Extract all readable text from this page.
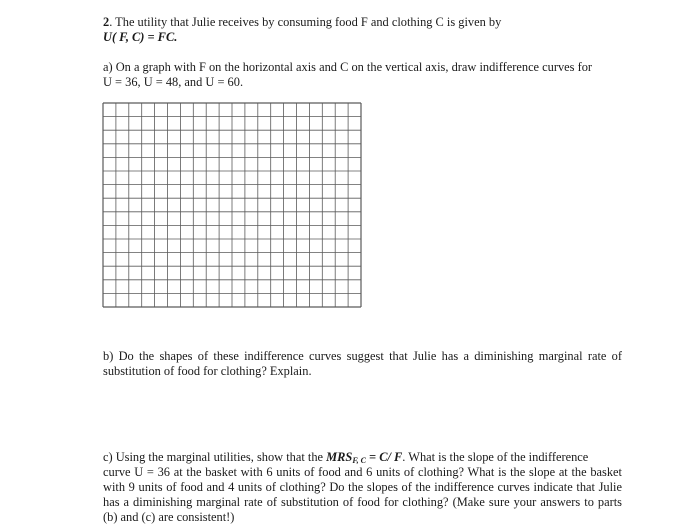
2. The utility that Julie receives by consuming food F and clothing C is given by
U( F, C) = FC.
a) On a graph with F on the horizontal axis and C on the vertical axis, draw indifference curves for
U = 36, U = 48, and U = 60.
b) Do the shapes of these indifference curves suggest that Julie has a diminishing marginal rate of
substitution of food for clothing? Explain.
c) Using the marginal utilities, show that the $MRS_{F, C} = C/$ F. What is the slope of the indifference
curve U = 36 at the basket with 6 units of food and 6 units of clothing? What is the slope at the basket
with 9 units of food and 4 units of clothing? Do the slopes of the indifference curves indicate that Julie
has a diminishing marginal rate of substitution of food for clothing? (Make sure your answers to parts
(b) and (c) are consistent!)
